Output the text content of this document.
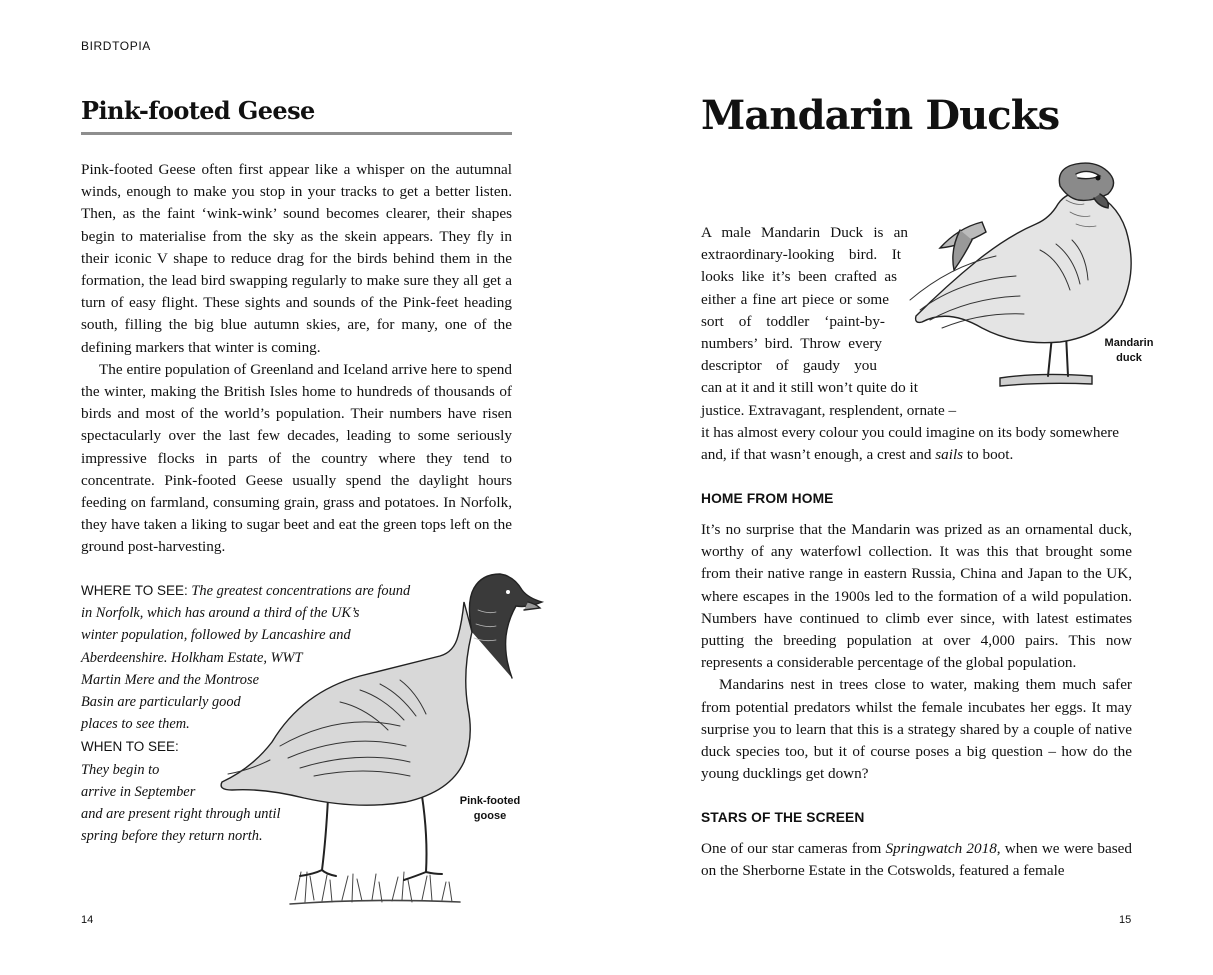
BIRDTOPIA
Pink-footed Geese

Pink-footed Geese often first appear like a whisper on the autumnal winds, enough to make you stop in your tracks to get a better listen. Then, as the faint ‘wink-wink’ sound becomes clearer, their shapes begin to materialise from the sky as the skein appears. They fly in their iconic V shape to reduce drag for the birds behind them in the formation, the lead bird swapping regularly to make sure they all get a turn of easy flight. These sights and sounds of the Pink-feet heading south, filling the big blue autumn skies, are, for many, one of the defining markers that winter is coming.

The entire population of Greenland and Iceland arrive here to spend the winter, making the British Isles home to hundreds of thousands of birds and most of the world’s population. Their numbers have risen spectacularly over the last few decades, leading to some seriously impressive flocks in parts of the country where they tend to concentrate. Pink-footed Geese usually spend the daylight hours feeding on farmland, consuming grain, grass and potatoes. In Norfolk, they have taken a liking to sugar beet and eat the green tops left on the ground post-harvesting.

Pink-footed
goose
WHERE TO SEE: The greatest concentrations are found
in Norfolk, which has around a third of the UK’s
winter population, followed by Lancashire and
Aberdeenshire. Holkham Estate, WWT
Martin Mere and the Montrose
Basin are particularly good
places to see them.
WHEN TO SEE:
They begin to
arrive in September
and are present right through until
spring before they return north.
14
Mandarin Ducks
Mandarin
duck
A male Mandarin Duck is an
extraordinary-looking bird. It
looks like it’s been crafted as
either a fine art piece or some
sort of toddler ‘paint-by-
numbers’ bird. Throw every
descriptor of gaudy you
can at it and it still won’t quite do it
justice. Extravagant, resplendent, ornate –
it has almost every colour you could imagine on its body somewhere
and, if that wasn’t enough, a crest and sails to boot.
HOME FROM HOME

It’s no surprise that the Mandarin was prized as an ornamental duck, worthy of any waterfowl collection. It was this that brought some from their native range in eastern Russia, China and Japan to the UK, where escapes in the 1900s led to the formation of a wild population. Numbers have continued to climb ever since, with latest estimates putting the breeding population at over 4,000 pairs. This now represents a considerable percentage of the global population.

Mandarins nest in trees close to water, making them much safer from potential predators whilst the female incubates her eggs. It may surprise you to learn that this is a strategy shared by a couple of native duck species too, but it of course poses a big question – how do the young ducklings get down?

STARS OF THE SCREEN

One of our star cameras from Springwatch 2018, when we were based on the Sherborne Estate in the Cotswolds, featured a female

15
